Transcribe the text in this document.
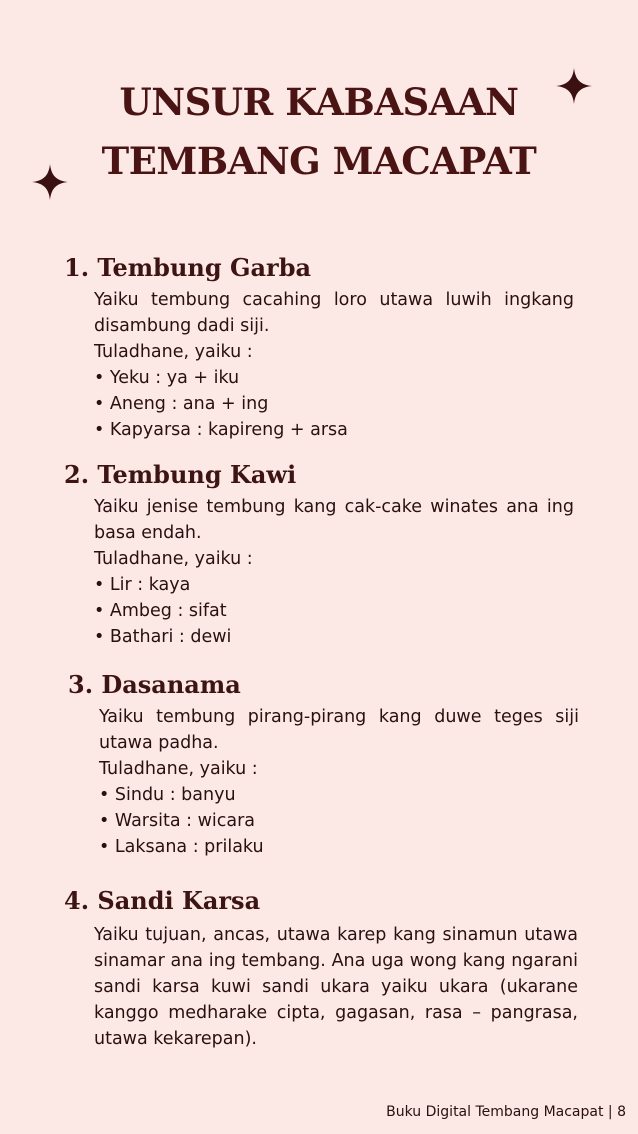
UNSUR KABASAAN
TEMBANG MACAPAT
1. Tembung Garba

Yaiku tembung cacahing loro utawa luwih ingkang disambung dadi siji.

Tuladhane, yaiku :

• Yeku : ya + iku

• Aneng : ana + ing

• Kapyarsa : kapireng + arsa

2. Tembung Kawi

Yaiku jenise tembung kang cak-cake winates ana ing basa endah.

Tuladhane, yaiku :

• Lir : kaya

• Ambeg : sifat

• Bathari : dewi

3. Dasanama

Yaiku tembung pirang-pirang kang duwe teges siji utawa padha.

Tuladhane, yaiku :

• Sindu : banyu

• Warsita : wicara

• Laksana : prilaku

4. Sandi Karsa

Yaiku tujuan, ancas, utawa karep kang sinamun utawa sinamar ana ing tembang. Ana uga wong kang ngarani sandi karsa kuwi sandi ukara yaiku ukara (ukarane kanggo medharake cipta, gagasan, rasa – pangrasa, utawa kekarepan).

Buku Digital Tembang Macapat | 8
